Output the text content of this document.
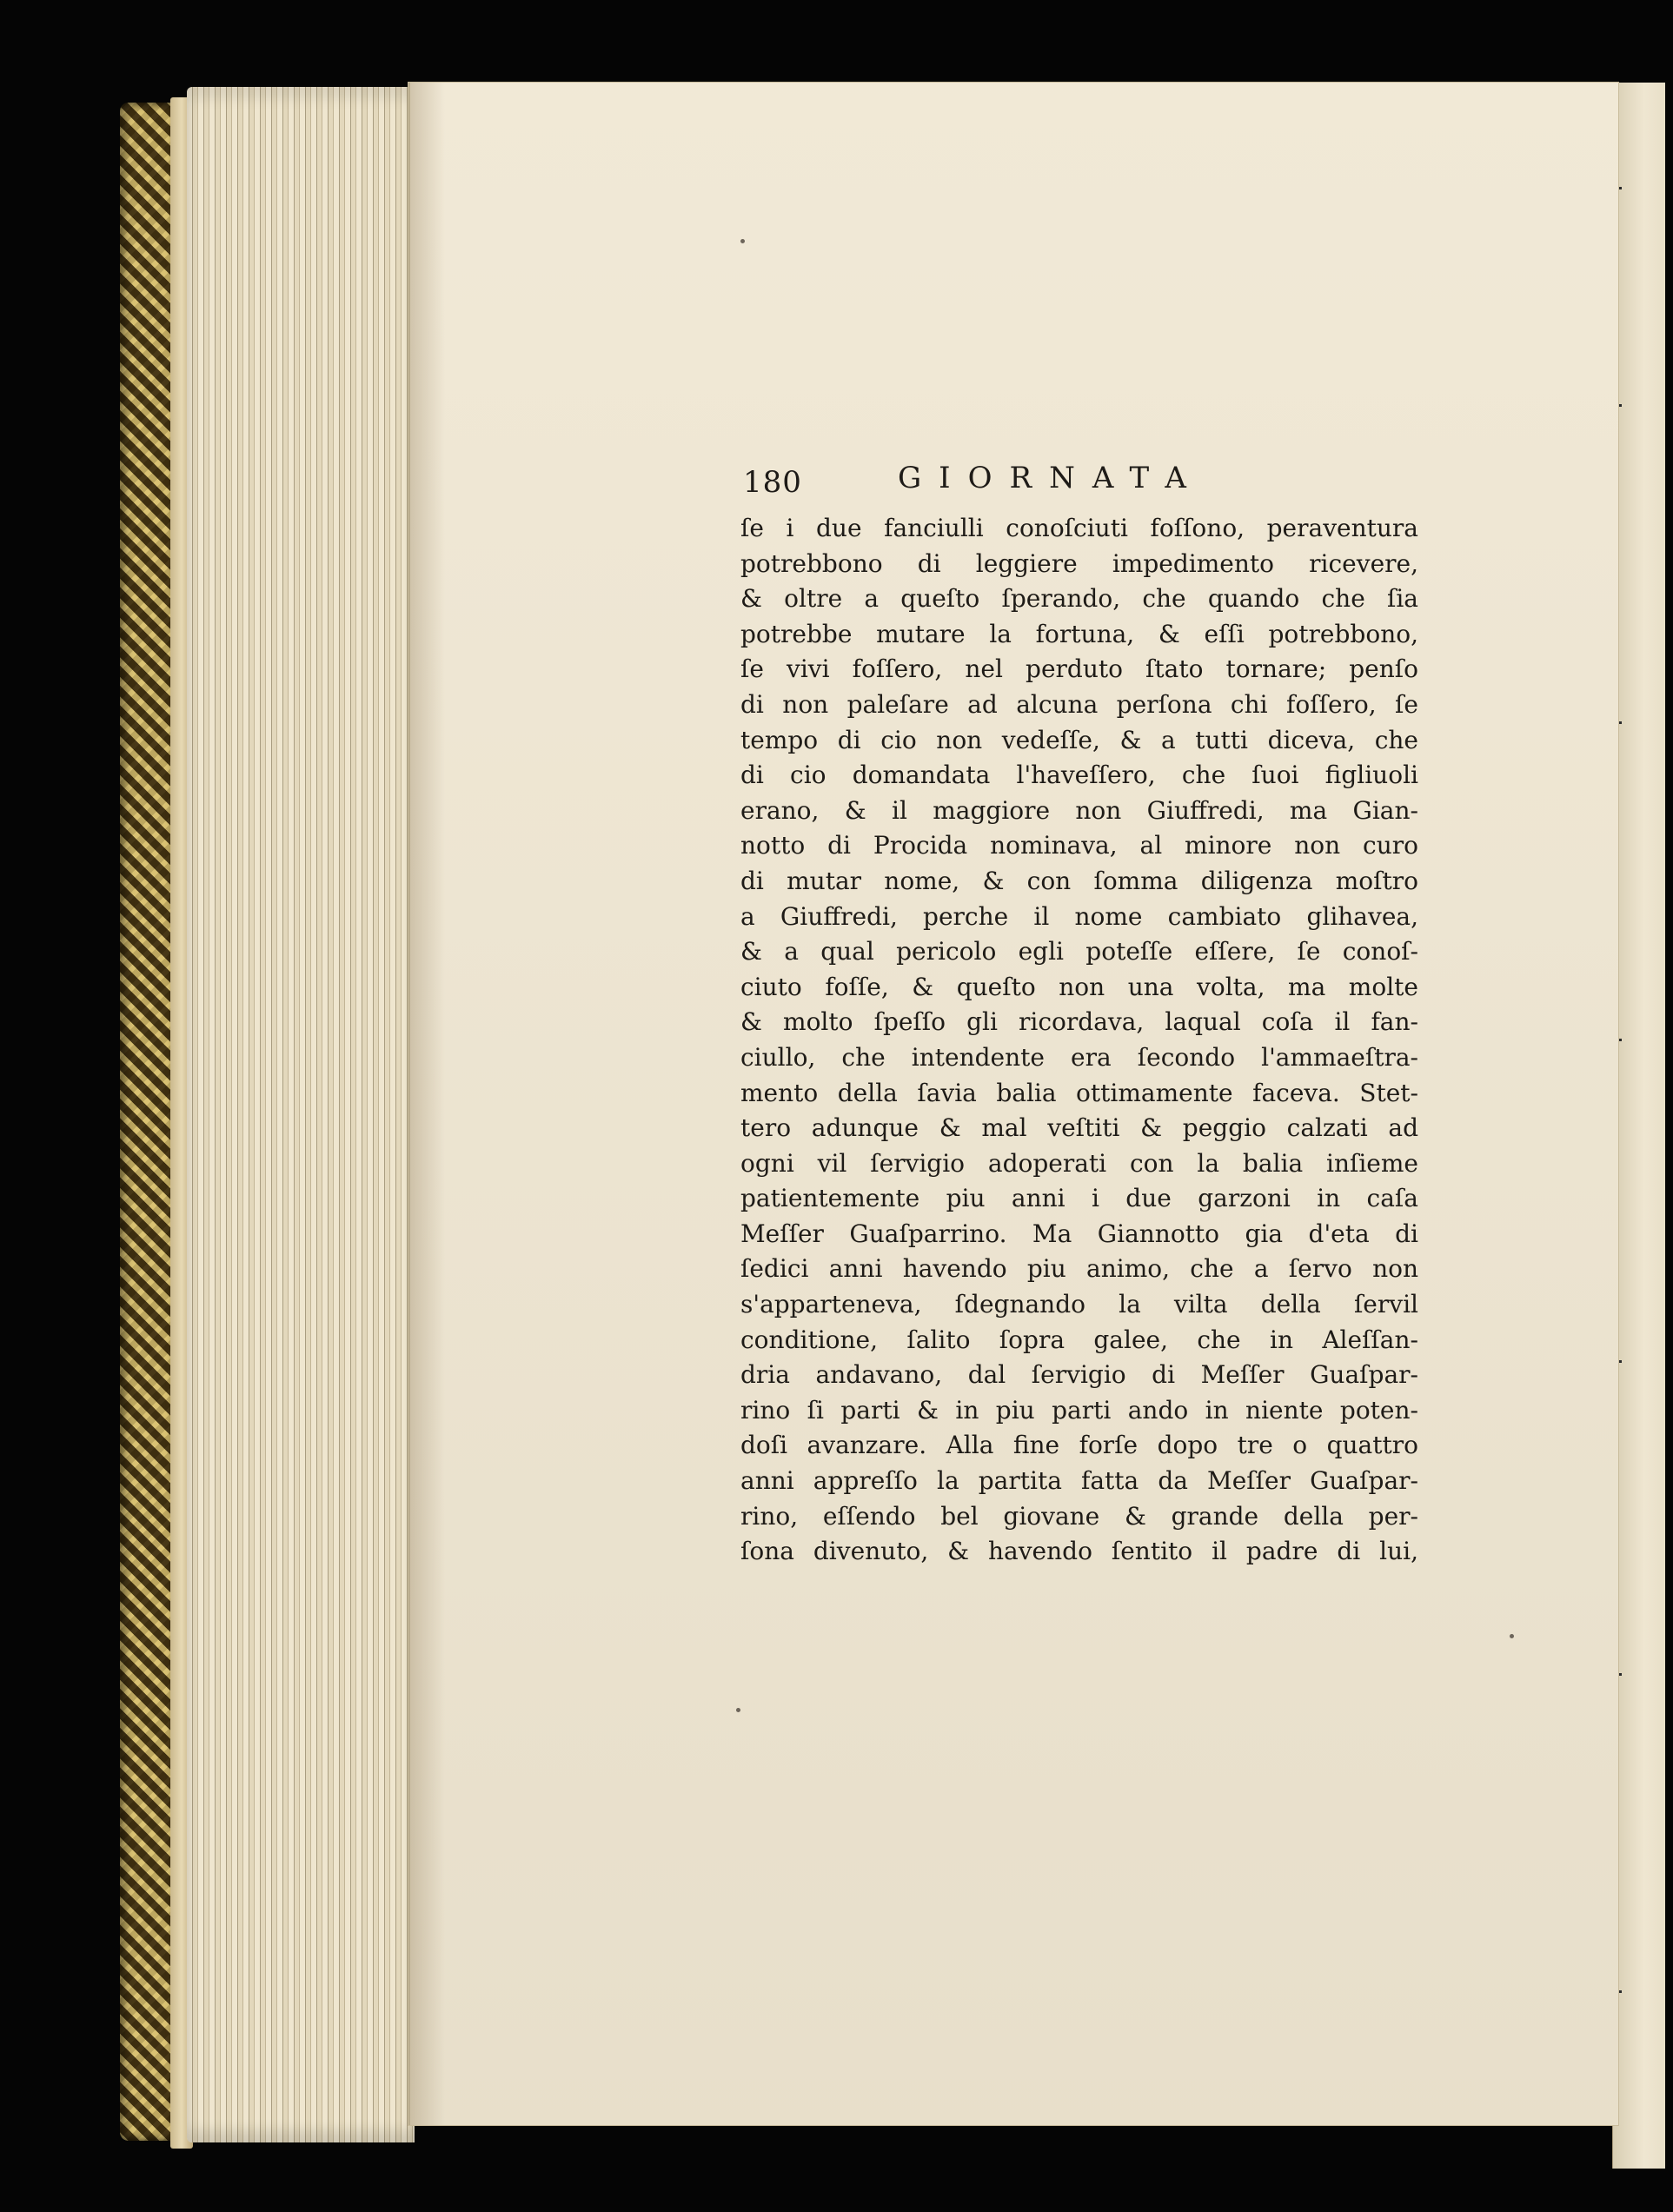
180	GIORNATA
ſe i due fanciulli conoſciuti foſſono, peraventura
potrebbono di leggiere impedimento ricevere,
& oltre a queſto ſperando, che quando che ſia
potrebbe mutare la fortuna, & eſſi potrebbono,
ſe vivi foſſero, nel perduto ſtato tornare; penſo
di non paleſare ad alcuna perſona chi foſſero, ſe
tempo di cio non vedeſſe, & a tutti diceva, che
di cio domandata l'haveſſero, che ſuoi figliuoli
erano, & il maggiore non Giuffredi, ma Gian-
notto di Procida nominava, al minore non curo
di mutar nome, & con ſomma diligenza moſtro
a Giuffredi, perche il nome cambiato glihavea,
& a qual pericolo egli poteſſe eſſere, ſe conoſ-
ciuto foſſe, & queſto non una volta, ma molte
& molto ſpeſſo gli ricordava, laqual coſa il fan-
ciullo, che intendente era ſecondo l'ammaeſtra-
mento della ſavia balia ottimamente faceva. Stet-
tero adunque & mal veſtiti & peggio calzati ad
ogni vil ſervigio adoperati con la balia inſieme
patientemente piu anni i due garzoni in caſa
Meſſer Guaſparrino. Ma Giannotto gia d'eta di
ſedici anni havendo piu animo, che a ſervo non
s'apparteneva, ſdegnando la vilta della ſervil
conditione, ſalito ſopra galee, che in Aleſſan-
dria andavano, dal ſervigio di Meſſer Guaſpar-
rino ſi parti & in piu parti ando in niente poten-
doſi avanzare. Alla fine forſe dopo tre o quattro
anni appreſſo la partita fatta da Meſſer Guaſpar-
rino, eſſendo bel giovane & grande della per-
ſona divenuto, & havendo ſentito il padre di lui,
